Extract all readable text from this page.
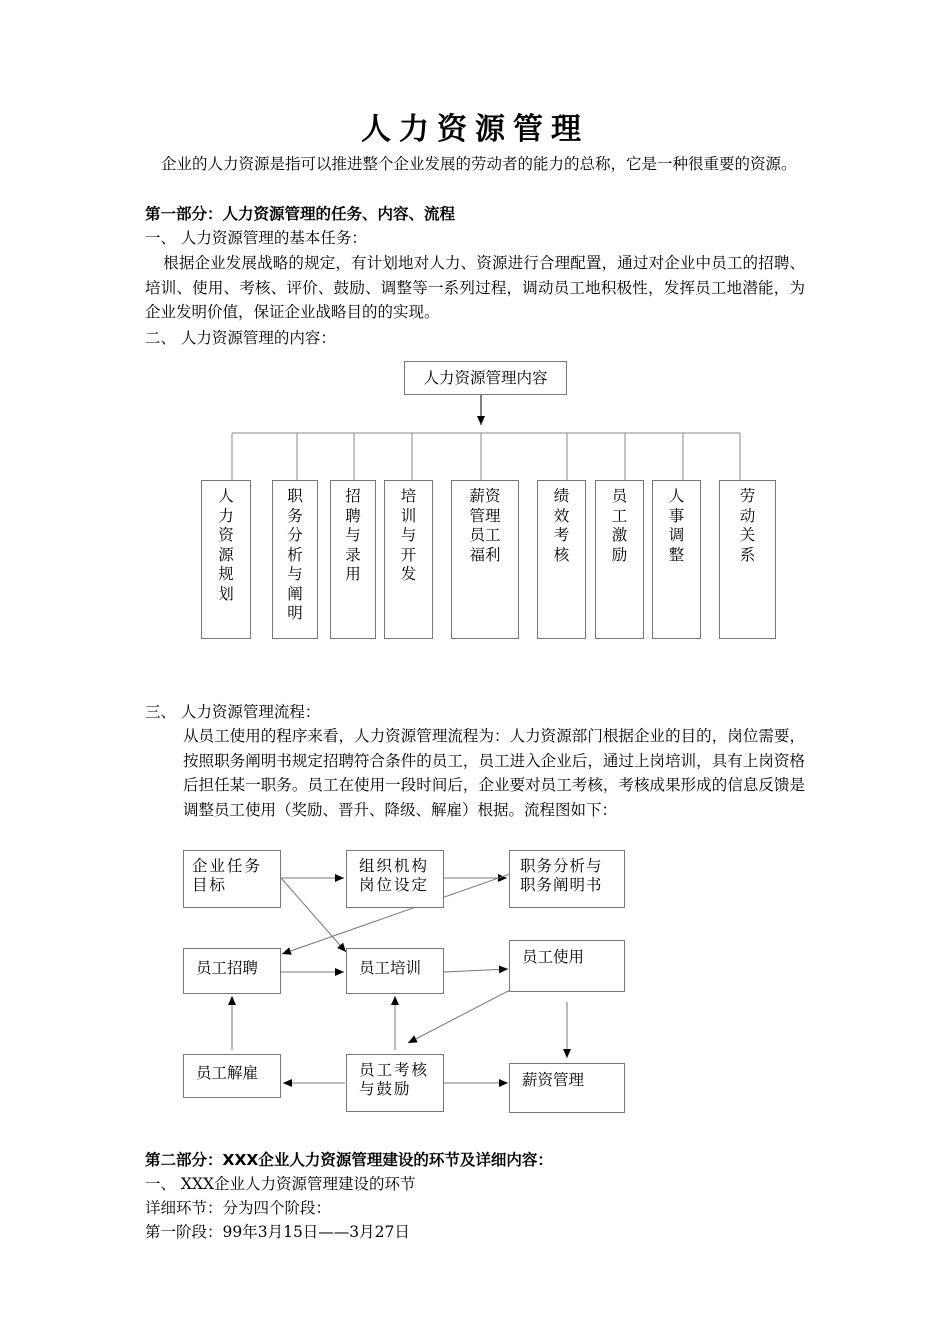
人力资源管理
企业的人力资源是指可以推进整个企业发展的劳动者的能力的总称，它是一种很重要的资源。
第一部分：人力资源管理的任务、内容、流程
一、 人力资源管理的基本任务：
根据企业发展战略的规定，有计划地对人力、资源进行合理配置，通过对企业中员工的招聘、培训、使用、考核、评价、鼓励、调整等一系列过程，调动员工地积极性，发挥员工地潜能，为企业发明价值，保证企业战略目的的实现。
二、 人力资源管理的内容：
人力资源管理内容
人力资源规划
职务分析与阐明
招聘与录用
培训与开发
薪资管理员工福利
绩效考核
员工激励
人事调整
劳动关系
三、 人力资源管理流程：
从员工使用的程序来看，人力资源管理流程为：人力资源部门根据企业的目的，岗位需要，按照职务阐明书规定招聘符合条件的员工，员工进入企业后，通过上岗培训，具有上岗资格后担任某一职务。员工在使用一段时间后，企业要对员工考核，考核成果形成的信息反馈是调整员工使用（奖励、晋升、降级、解雇）根据。流程图如下：
企业任务目标
组织机构岗位设定
职务分析与职务阐明书
员工招聘	员工培训
员工使用
员工解雇	员工考核与鼓励	薪资管理
第二部分：XXX企业人力资源管理建设的环节及详细内容：
一、 XXX企业人力资源管理建设的环节
详细环节：分为四个阶段：
第一阶段：99年3月15日——3月27日
